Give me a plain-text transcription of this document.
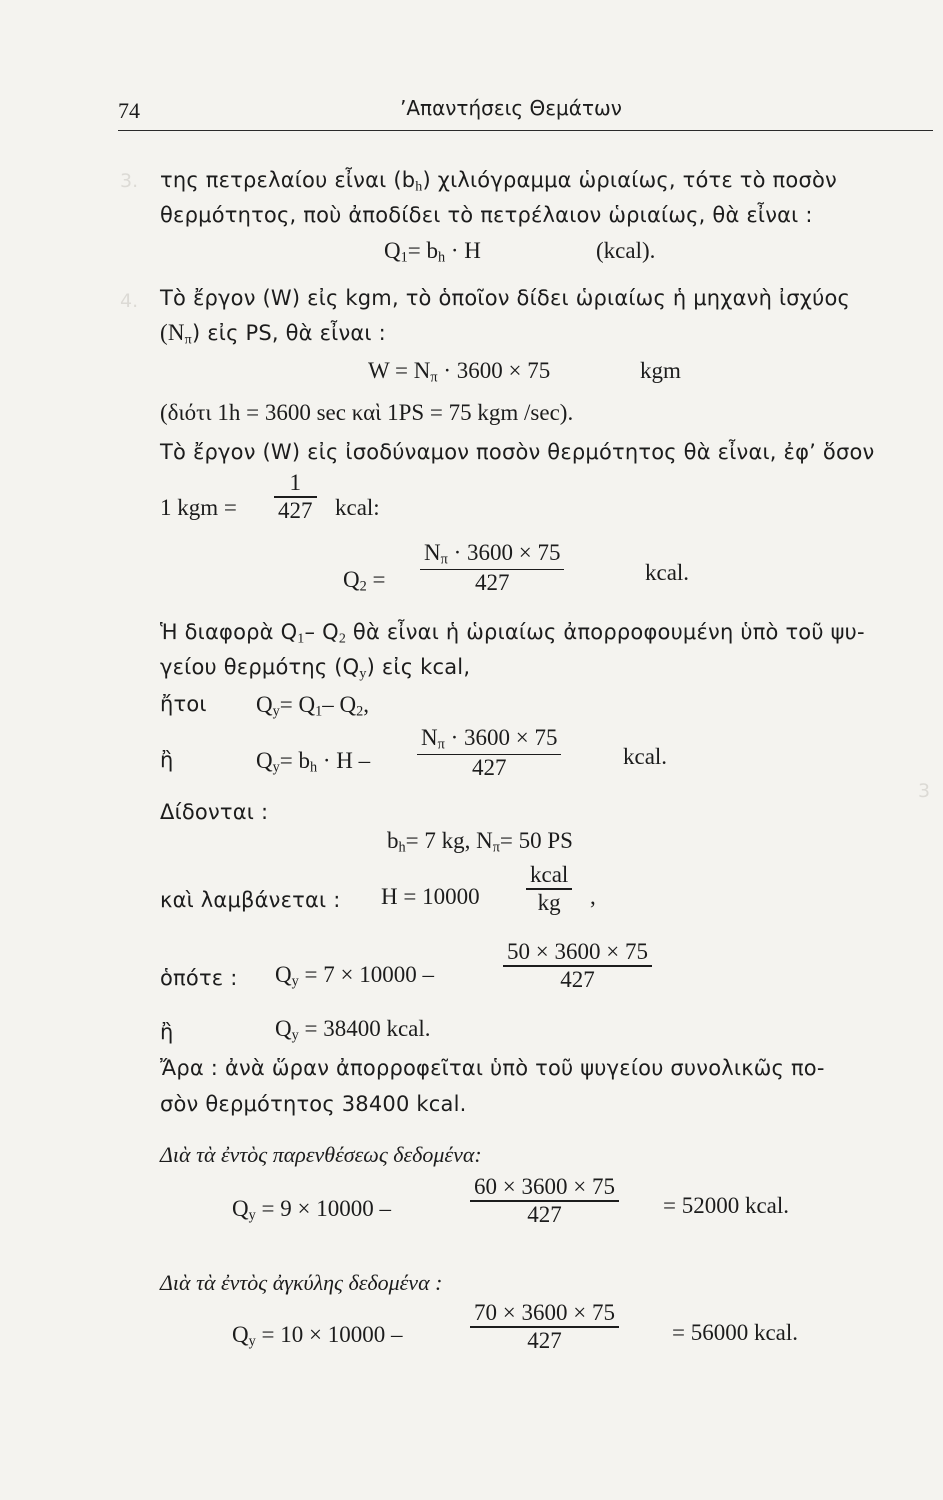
3.
4.
3
74	’Απαντήσεις Θεμάτων
της πετρελαίου εἶναι $(b_h)$ χιλιόγραμμα ὡριαίως, τότε τὸ ποσὸν
θερμότητος, ποὺ ἀποδίδει τὸ πετρέλαιον ὡριαίως, θὰ εἶναι :
$Q_1= b_h \cdot H$	(kcal).
Τὸ ἔργον (W) εἰς kgm, τὸ ὁποῖον δίδει ὡριαίως ἡ μηχανὴ ἰσχύος
$(N_\pi)$ εἰς PS, θὰ εἶναι :
$W = N_\pi \cdot 3600 \times 75$	kgm
(διότι 1h = 3600 sec καὶ 1PS = 75 kgm /sec).
Τὸ ἔργον (W) εἰς ἰσοδύναμον ποσὸν θερμότητος θὰ εἶναι, ἐφ’ ὅσον
1 kgm =
1
427 kcal:
$Q_2$ =
$N_\pi \cdot 3600 \times 75$
427	kcal.
Ἡ διαφορὰ $Q_1-$ $Q_2$ θὰ εἶναι ἡ ὡριαίως ἀπορροφουμένη ὑπὸ τοῦ ψυ-
γείου θερμότης $(Q_y)$ εἰς kcal,
ἤτοι $Q_y= Q_1-$ $Q_2$,
ἢ	$Q_y= b_h \cdot H$ –
$N_\pi \cdot 3600 \times 75$
427	kcal.
Δίδονται :
$b_h= 7$ kg, $N_\pi= 50$ PS
καὶ λαμβάνεται : H = 10000
kcal
kg	,
ὁπότε : $Q_y = 7 \times 10000$ –
50 × 3600 × 75
427
ἢ	$Q_y = 38400$ kcal.
Ἄρα : ἀνὰ ὥραν ἀπορροφεῖται ὑπὸ τοῦ ψυγείου συνολικῶς πο-
σὸν θερμότητος 38400 kcal.
Διὰ τὰ ἐντὸς παρενθέσεως δεδομένα:
$Q_y = 9 \times 10000$ –
60 × 3600 × 75
427	= 52000 kcal.
Διὰ τὰ ἐντὸς ἀγκύλης δεδομένα :
$Q_y = 10 \times 10000$ –
70 × 3600 × 75
427	= 56000 kcal.
